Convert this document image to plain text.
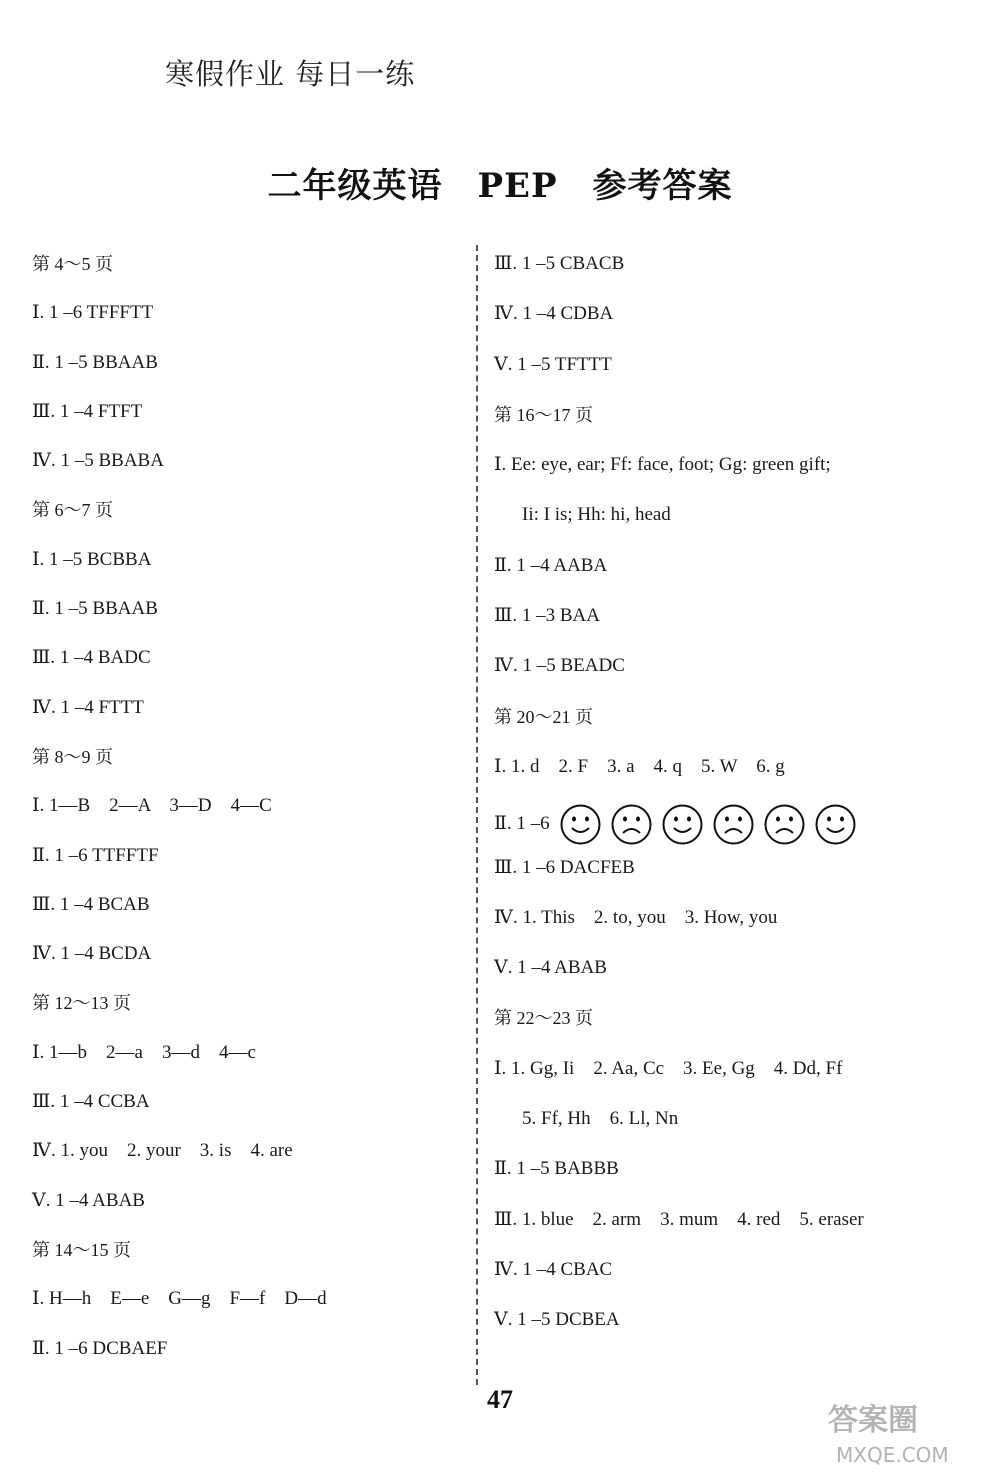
寒假作业 每日一练
二年级英语　PEP　参考答案
第 4～5 页
Ⅰ. 1 –6 TFFFTT
Ⅱ. 1 –5 BBAAB
Ⅲ. 1 –4 FTFT
Ⅳ. 1 –5 BBABA
第 6～7 页
Ⅰ. 1 –5 BCBBA
Ⅱ. 1 –5 BBAAB
Ⅲ. 1 –4 BADC
Ⅳ. 1 –4 FTTT
第 8～9 页
Ⅰ. 1—B　2—A　3—D　4—C
Ⅱ. 1 –6 TTFFTF
Ⅲ. 1 –4 BCAB
Ⅳ. 1 –4 BCDA
第 12～13 页
Ⅰ. 1—b　2—a　3—d　4—c
Ⅲ. 1 –4 CCBA
Ⅳ. 1. you　2. your　3. is　4. are
Ⅴ. 1 –4 ABAB
第 14～15 页
Ⅰ. H—h　E—e　G—g　F—f　D—d
Ⅱ. 1 –6 DCBAEF
Ⅲ. 1 –5 CBACB
Ⅳ. 1 –4 CDBA
Ⅴ. 1 –5 TFTTT
第 16～17 页
Ⅰ. Ee: eye, ear; Ff: face, foot; Gg: green gift;
Ii: I is; Hh: hi, head
Ⅱ. 1 –4 AABA
Ⅲ. 1 –3 BAA
Ⅳ. 1 –5 BEADC
第 20～21 页
Ⅰ. 1. d　2. F　3. a　4. q　5. W　6. g
Ⅱ. 1 –6
Ⅲ. 1 –6 DACFEB
Ⅳ. 1. This　2. to, you　3. How, you
Ⅴ. 1 –4 ABAB
第 22～23 页
Ⅰ. 1. Gg, Ii　2. Aa, Cc　3. Ee, Gg　4. Dd, Ff
5. Ff, Hh　6. Ll, Nn
Ⅱ. 1 –5 BABBB
Ⅲ. 1. blue　2. arm　3. mum　4. red　5. eraser
Ⅳ. 1 –4 CBAC
Ⅴ. 1 –5 DCBEA
47
答案圈
MXQE.COM
